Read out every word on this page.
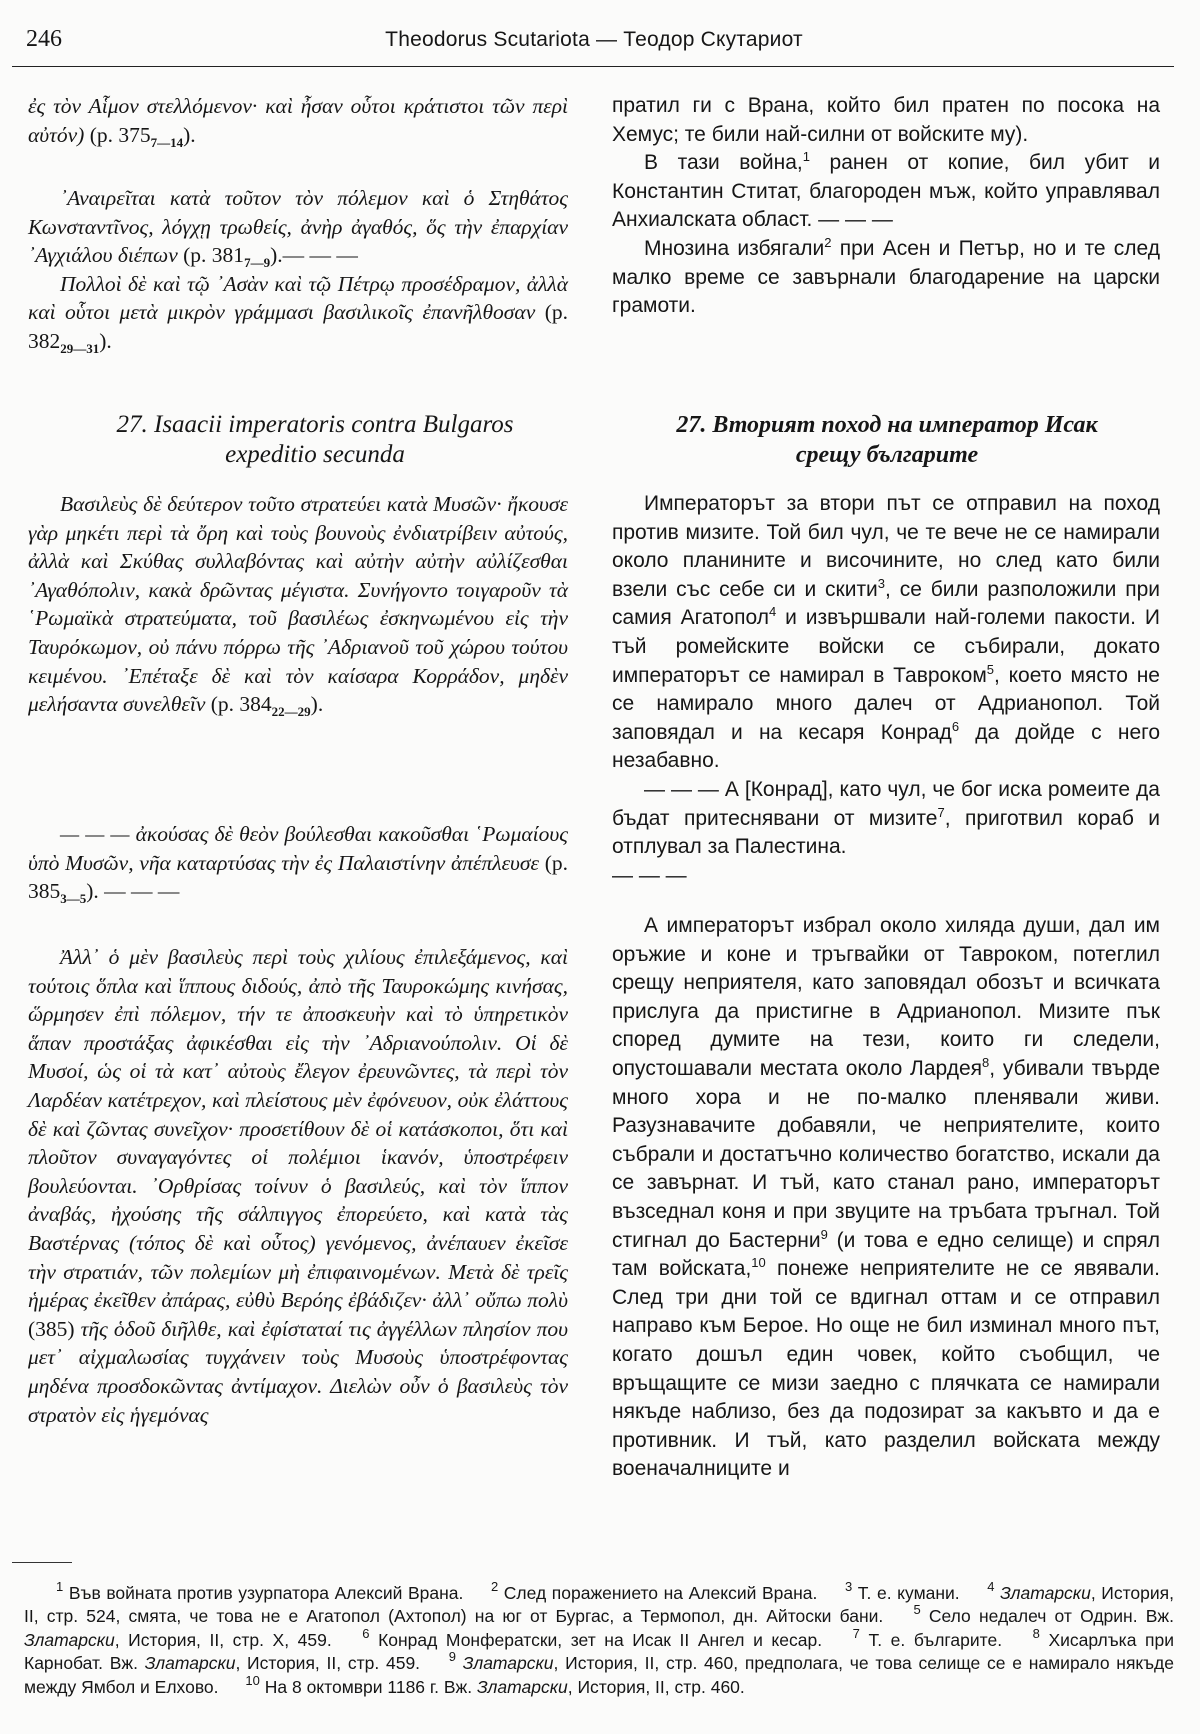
246	Theodorus Scutariota — Теодор Скутариот

ἐς τὸν Αἷμον στελλόμενον· καὶ ἦσαν οὗτοι κράτιστοι τῶν περὶ αὐτόν) (p. $375_{7—14}$).

᾿Αναιρεῖται κατὰ τοῦτον τὸν πόλεμον καὶ ὁ Στηθάτος Κωνσταντῖνος, λόγχῃ τρωθείς, ἀνὴρ ἀγαθός, ὅς τὴν ἐπαρχίαν ᾿Αγχιάλου διέπων (p. $381_{7—9}).—$ — —

Πολλοὶ δὲ καὶ τῷ ᾿Ασὰν καὶ τῷ Πέτρῳ προσέδραμον, ἀλλὰ καὶ οὗτοι μετὰ μικρὸν γράμμασι βασιλικοῖς ἐπανῆλθοσαν (p. $382_{29—31}$).

27. Isaacii imperatoris contra Bulgaros
expeditio secunda

Βασιλεὺς δὲ δεύτερον τοῦτο στρατεύει κατὰ Μυσῶν· ἤκουσε γὰρ μηκέτι περὶ τὰ ὄρη καὶ τοὺς βουνοὺς ἐνδιατρίβειν αὐτούς, ἀλλὰ καὶ Σκύθας συλλαβόντας καὶ αὐτὴν αὐτὴν αὐλίζεσθαι ᾿Αγαθόπολιν, κακὰ δρῶντας μέγιστα. Συνήγοντο τοιγαροῦν τὰ ῾Ρωμαϊκὰ στρατεύματα, τοῦ βασιλέως ἐσκηνωμένου εἰς τὴν Ταυρόκωμον, οὐ πάνυ πόρρω τῆς ᾿Αδριανοῦ τοῦ χώρου τούτου κειμένου. ᾿Επέταξε δὲ καὶ τὸν καίσαρα Κορράδον, μηδὲν μελήσαντα συνελθεῖν (p. $384_{22—29}$).

— — — ἀκούσας δὲ θεὸν βούλεσθαι κακοῦσθαι ῾Ρωμαίους ὑπὸ Μυσῶν, νῆα καταρτύσας τὴν ἐς Παλαιστίνην ἀπέπλευσε (p. $385_{3—5}$). — — —

Ἀλλ᾿ ὁ μὲν βασιλεὺς περὶ τοὺς χιλίους ἐπιλεξάμενος, καὶ τούτοις ὅπλα καὶ ἵππους διδούς, ἀπὸ τῆς Ταυροκώμης κινήσας, ὥρμησεν ἐπὶ πόλεμον, τήν τε ἀποσκευὴν καὶ τὸ ὑπηρετικὸν ἅπαν προστάξας ἀφικέσθαι εἰς τὴν ᾿Αδριανούπολιν. Οἱ δὲ Μυσοί, ὡς οἱ τὰ κατ᾿ αὐτοὺς ἔλεγον ἐρευνῶντες, τὰ περὶ τὸν Λαρδέαν κατέτρεχον, καὶ πλείστους μὲν ἐφόνευον, οὐκ ἐλάττους δὲ καὶ ζῶντας συνεῖχον· προσετίθουν δὲ οἱ κατάσκοποι, ὅτι καὶ πλοῦτον συναγαγόντες οἱ πολέμιοι ἱκανόν, ὑποστρέφειν βουλεύονται. ᾿Ορθρίσας τοίνυν ὁ βασιλεύς, καὶ τὸν ἵππον ἀναβάς, ἠχούσης τῆς σάλπιγγος ἐπορεύετο, καὶ κατὰ τὰς Βαστέρνας (τόπος δὲ καὶ οὗτος) γενόμενος, ἀνέπαυεν ἐκεῖσε τὴν στρατιάν, τῶν πολεμίων μὴ ἐπιφαινομένων. Μετὰ δὲ τρεῖς ἡμέρας ἐκεῖθεν ἀπάρας, εὐθὺ Βερόης ἐβάδιζεν· ἀλλ᾿ οὔπω πολὺ (385) τῆς ὁδοῦ διῆλθε, καὶ ἐφίσταταί τις ἀγγέλλων πλησίον που μετ᾿ αἰχμαλωσίας τυγχάνειν τοὺς Μυσοὺς ὑποστρέφοντας μηδένα προσδοκῶντας ἀντίμαχον. Διελὼν οὖν ὁ βασιλεὺς τὸν στρατὸν εἰς ἡγεμόνας

пратил ги с Врана, който бил пратен по посока на Хемус; те били най-силни от войските му).

В тази война,$^1$ ранен от копие, бил убит и Константин Ститат, благороден мъж, който управлявал Анхиалската област. — — —

Мнозина избягали$^2$ при Асен и Петър, но и те след малко време се завърнали благодарение на царски грамоти.

27. Вторият поход на император Исак
срещу българите

Императорът за втори път се отправил на поход против мизите. Той бил чул, че те вече не се намирали около планините и височините, но след като били взели със себе си и скити$^3$, се били разположили при самия Агатопол$^4$ и извършвали най-големи пакости. И тъй ромейските войски се събирали, докато императорът се намирал в Тавроком$^5$, което място не се намирало много далеч от Адрианопол. Той заповядал и на кесаря Конрад$^6$ да дойде с него незабавно.

— — — А [Конрад], като чул, че бог иска ромеите да бъдат притеснявани от мизите$^7$, приготвил кораб и отплувал за Палестина.

— — —

А императорът избрал около хиляда души, дал им оръжие и коне и тръгвайки от Тавроком, потеглил срещу неприятеля, като заповядал обозът и всичката прислуга да пристигне в Адрианопол. Мизите пък според думите на тези, които ги следели, опустошавали местата около Лардея$^8$, убивали твърде много хора и не по-малко пленявали живи. Разузнавачите добавяли, че неприятелите, които събрали и достатъчно количество богатство, искали да се завърнат. И тъй, като станал рано, императорът възседнал коня и при звуците на тръбата тръгнал. Той стигнал до Бастерни$^9$ (и това е едно селище) и спрял там войската,$^{10}$ понеже неприятелите не се явявали. След три дни той се вдигнал оттам и се отправил направо към Бероe. Но още не бил изминал много път, когато дошъл един човек, който съобщил, че връщащите се мизи заедно с плячката се намирали някъде наблизо, без да подозират за какъвто и да е противник. И тъй, като разделил войската между военачалниците и

$^1$ Във войната против узурпатора Алексий Врана. $^2$ След поражението на Алексий Врана. $^3$ Т. е. кумани. $^4$ Златарски, История, II, стр. 524, смята, че това не е Агатопол (Ахтопол) на юг от Бургас, а Термопол, дн. Айтоски бани. $^5$ Село недалеч от Одрин. Вж. Златарски, История, II, стр. X, 459. $^6$ Конрад Монфератски, зет на Исак II Ангел и кесар. $^7$ Т. е. българите. $^8$ Хисарлъка при Карнобат. Вж. Златарски, История, II, стр. 459. $^9$ Златарски, История, II, стр. 460, предполага, че това селище се е намирало някъде между Ямбол и Елхово. $^{10}$ На 8 октомври 1186 г. Вж. Златарски, История, II, стр. 460.
